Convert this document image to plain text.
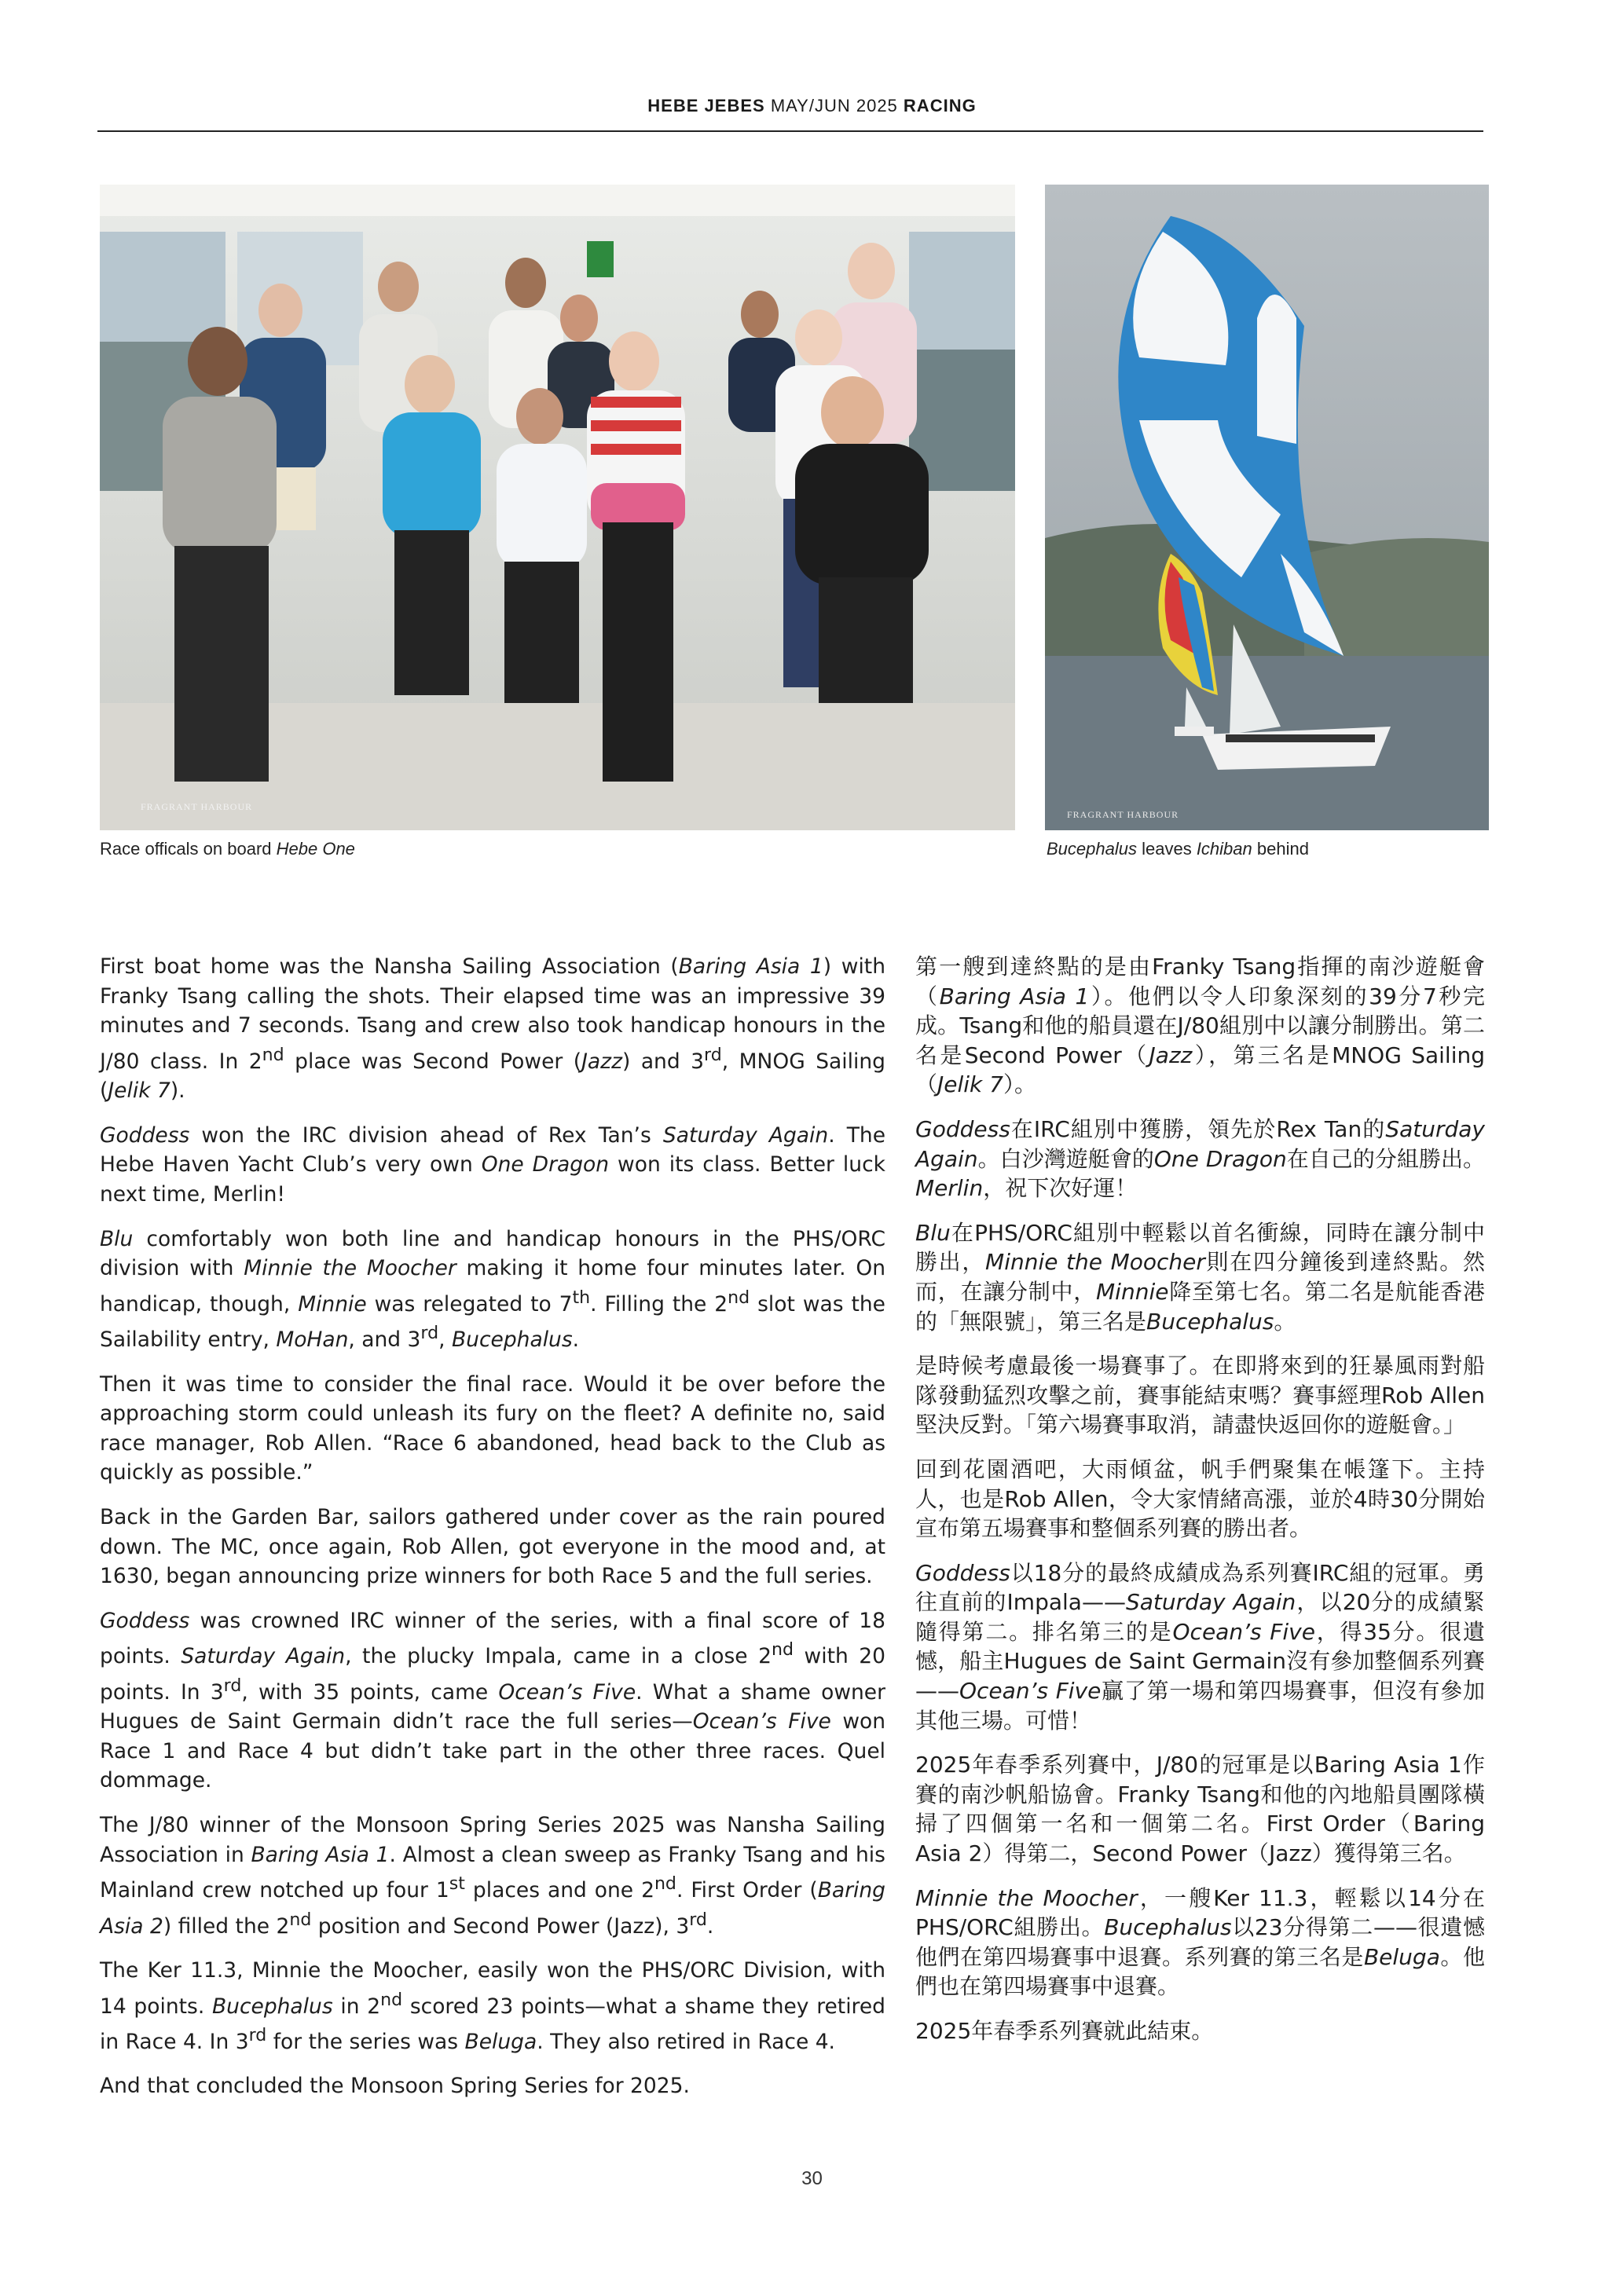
HEBE JEBES MAY/JUN 2025 RACING
FRAGRANT HARBOUR
FRAGRANT HARBOUR
Race officals on board Hebe One	Bucephalus leaves Ichiban behind

First boat home was the Nansha Sailing Association (Baring Asia 1) with Franky Tsang calling the shots. Their elapsed time was an impressive 39 minutes and 7 seconds. Tsang and crew also took handicap honours in the J/80 class. In 2nd place was Second Power (Jazz) and 3rd, MNOG Sailing (Jelik 7).

Goddess won the IRC division ahead of Rex Tan’s Saturday Again. The Hebe Haven Yacht Club’s very own One Dragon won its class. Better luck next time, Merlin!

Blu comfortably won both line and handicap honours in the PHS/ORC division with Minnie the Moocher making it home four minutes later. On handicap, though, Minnie was relegated to 7th. Filling the 2nd slot was the Sailability entry, MoHan, and 3rd, Bucephalus.

Then it was time to consider the final race. Would it be over before the approaching storm could unleash its fury on the fleet? A definite no, said race manager, Rob Allen. “Race 6 abandoned, head back to the Club as quickly as possible.”

Back in the Garden Bar, sailors gathered under cover as the rain poured down. The MC, once again, Rob Allen, got everyone in the mood and, at 1630, began announcing prize winners for both Race 5 and the full series.

Goddess was crowned IRC winner of the series, with a final score of 18 points. Saturday Again, the plucky Impala, came in a close 2nd with 20 points. In 3rd, with 35 points, came Ocean’s Five. What a shame owner Hugues de Saint Germain didn’t race the full series—Ocean’s Five won Race 1 and Race 4 but didn’t take part in the other three races. Quel dommage.

The J/80 winner of the Monsoon Spring Series 2025 was Nansha Sailing Association in Baring Asia 1. Almost a clean sweep as Franky Tsang and his Mainland crew notched up four 1st places and one 2nd. First Order (Baring Asia 2) filled the 2nd position and Second Power (Jazz), 3rd.

The Ker 11.3, Minnie the Moocher, easily won the PHS/ORC Division, with 14 points. Bucephalus in 2nd scored 23 points—what a shame they retired in Race 4. In 3rd for the series was Beluga. They also retired in Race 4.

And that concluded the Monsoon Spring Series for 2025.

第一艘到達終點的是由Franky Tsang指揮的南沙遊艇會（Baring Asia 1）。他們以令人印象深刻的39分7秒完成。Tsang和他的船員還在J/80組別中以讓分制勝出。第二名是Second Power（Jazz），第三名是MNOG Sailing（Jelik 7）。

Goddess在IRC組別中獲勝，領先於Rex Tan的Saturday Again。白沙灣遊艇會的One Dragon在自己的分組勝出。Merlin，祝下次好運！

Blu在PHS/ORC組別中輕鬆以首名衝線，同時在讓分制中勝出，Minnie the Moocher則在四分鐘後到達終點。然而，在讓分制中，Minnie降至第七名。第二名是航能香港的「無限號」，第三名是Bucephalus。

是時候考慮最後一場賽事了。在即將來到的狂暴風雨對船隊發動猛烈攻擊之前，賽事能結束嗎？賽事經理Rob Allen堅決反對。「第六場賽事取消，請盡快返回你的遊艇會。」

回到花園酒吧，大雨傾盆，帆手們聚集在帳篷下。主持人，也是Rob Allen，令大家情緒高漲，並於4時30分開始宣布第五場賽事和整個系列賽的勝出者。

Goddess以18分的最終成績成為系列賽IRC組的冠軍。勇往直前的Impala——Saturday Again，以20分的成績緊隨得第二。排名第三的是Ocean’s Five，得35分。很遺憾，船主Hugues de Saint Germain沒有參加整個系列賽——Ocean’s Five贏了第一場和第四場賽事，但沒有參加其他三場。可惜！

2025年春季系列賽中，J/80的冠軍是以Baring Asia 1作賽的南沙帆船協會。Franky Tsang和他的內地船員團隊橫掃了四個第一名和一個第二名。First Order（Baring Asia 2）得第二，Second Power（Jazz）獲得第三名。

Minnie the Moocher，一艘Ker 11.3，輕鬆以14分在PHS/ORC組勝出。Bucephalus以23分得第二——很遺憾他們在第四場賽事中退賽。系列賽的第三名是Beluga。他們也在第四場賽事中退賽。

2025年春季系列賽就此結束。

30
